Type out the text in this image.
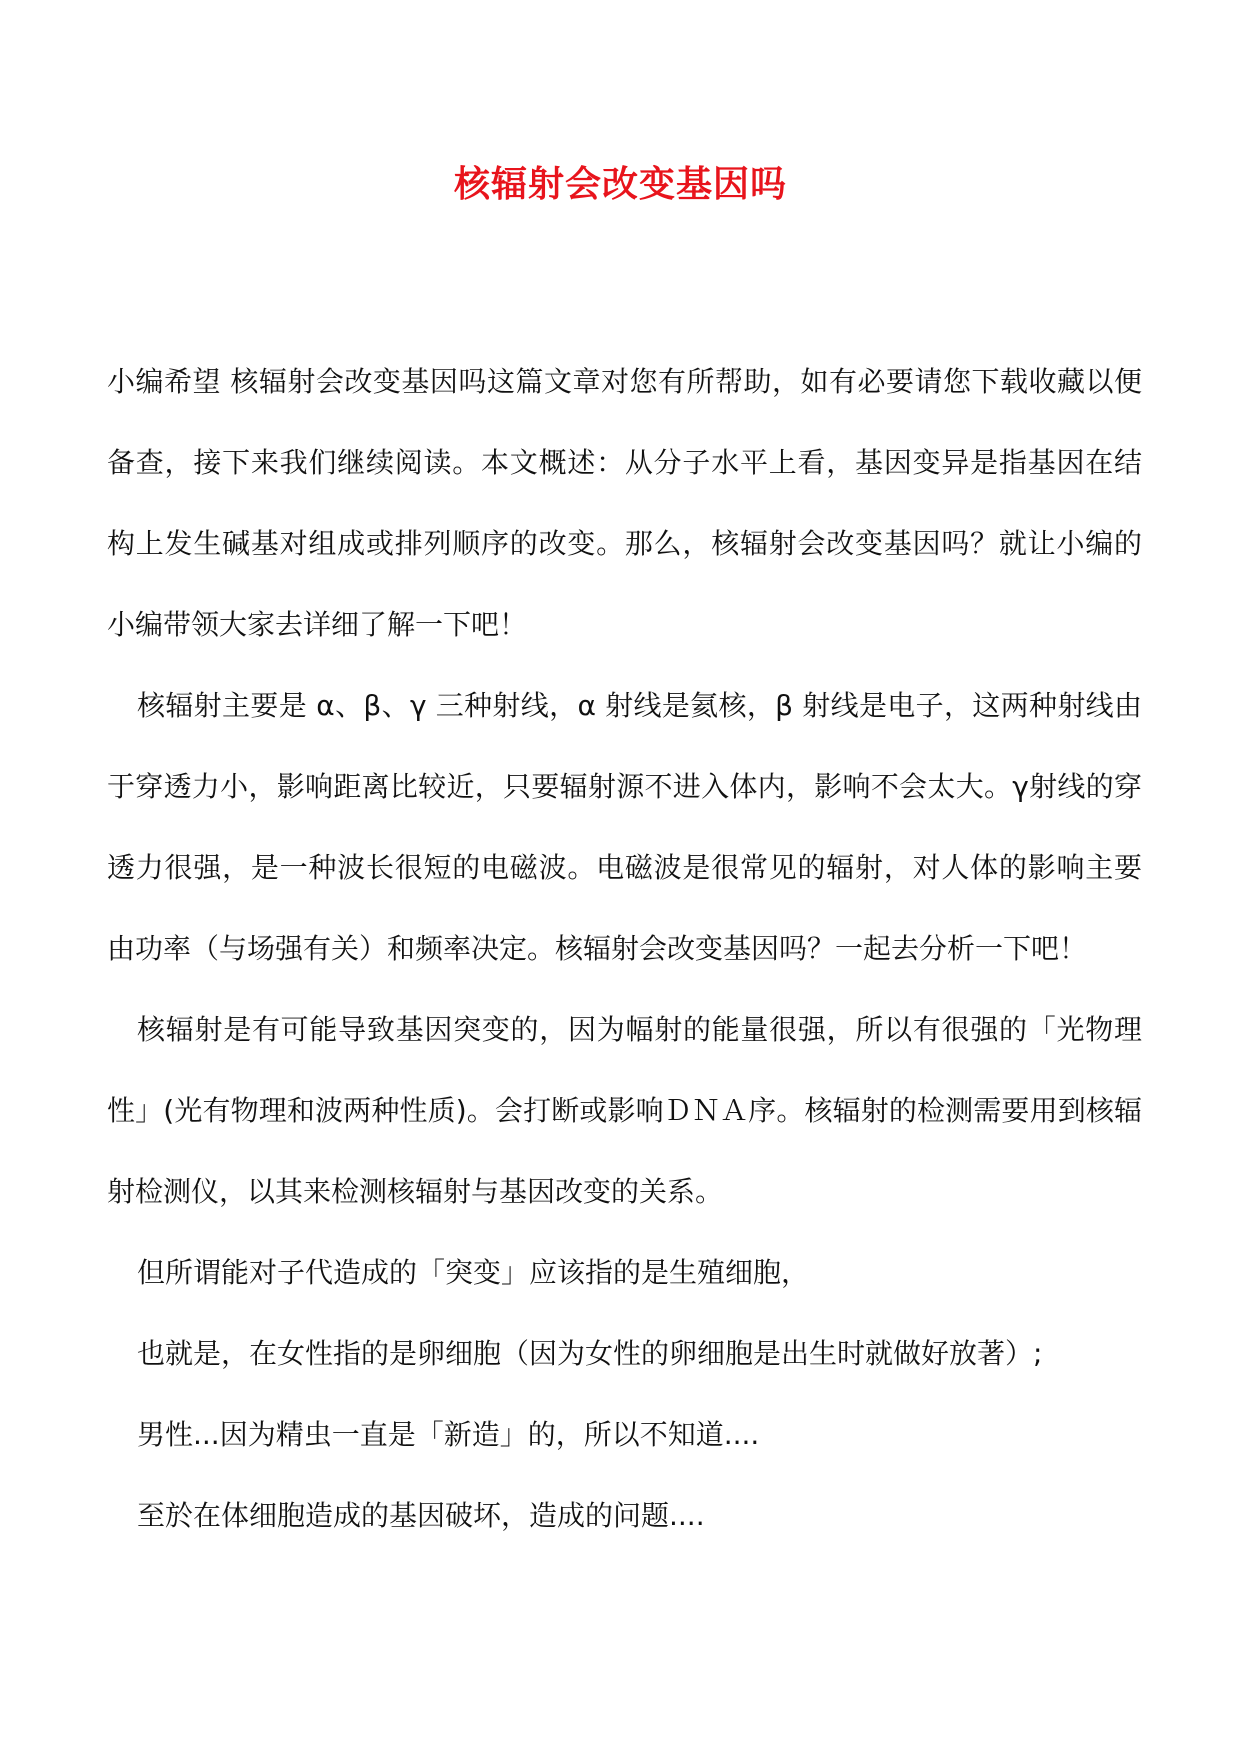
核辐射会改变基因吗

小编希望 核辐射会改变基因吗这篇文章对您有所帮助，如有必要请您下载收藏以便备查，接下来我们继续阅读。本文概述：从分子水平上看，基因变异是指基因在结构上发生碱基对组成或排列顺序的改变。那么，核辐射会改变基因吗？就让小编的小编带领大家去详细了解一下吧！

核辐射主要是 α、β、γ 三种射线，α 射线是氦核，β 射线是电子，这两种射线由于穿透力小，影响距离比较近，只要辐射源不进入体内，影响不会太大。γ射线的穿透力很强，是一种波长很短的电磁波。电磁波是很常见的辐射，对人体的影响主要由功率（与场强有关）和频率决定。核辐射会改变基因吗？一起去分析一下吧！

核辐射是有可能导致基因突变的，因为幅射的能量很强，所以有很强的「光物理性」(光有物理和波两种性质)。会打断或影响ＤＮＡ序。核辐射的检测需要用到核辐射检测仪，以其来检测核辐射与基因改变的关系。

但所谓能对子代造成的「突变」应该指的是生殖细胞，

也就是，在女性指的是卵细胞（因为女性的卵细胞是出生时就做好放著）;

男性...因为精虫一直是「新造」的，所以不知道....

至於在体细胞造成的基因破坏，造成的问题....
